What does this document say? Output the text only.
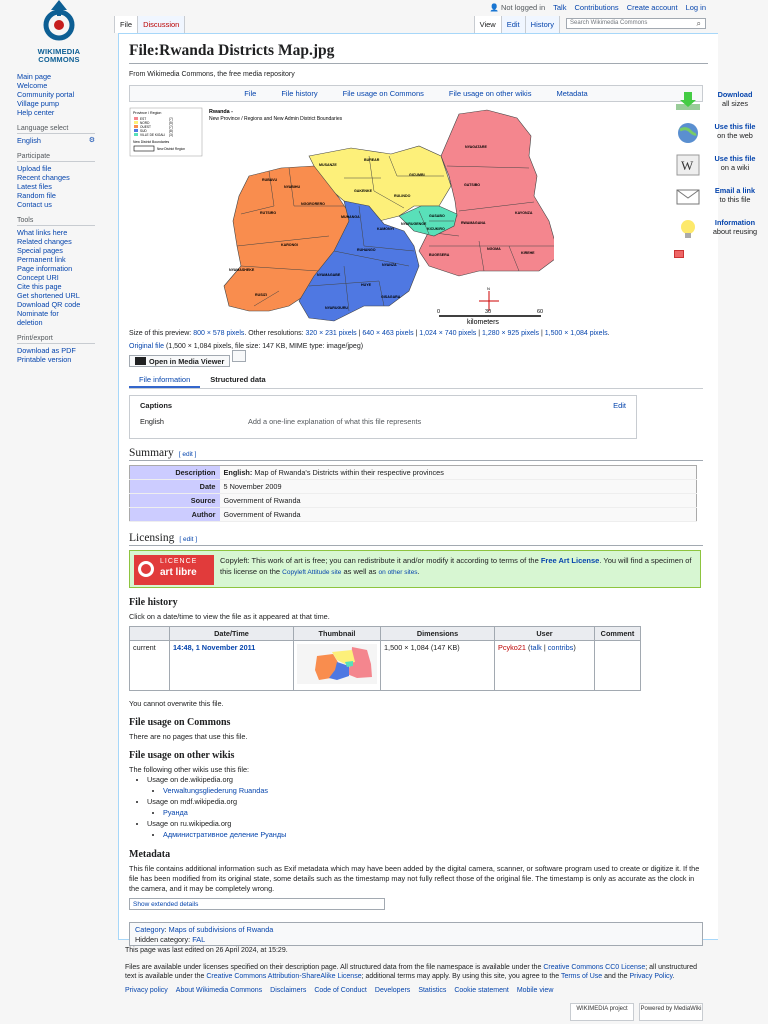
WIKIMEDIA
COMMONS
Main page
Welcome
Community portal
Village pump
Help center
Language select
English	⚙
Participate
Upload file
Recent changes
Latest files
Random file
Contact us
Tools
What links here
Related changes
Special pages
Permanent link
Page information
Concept URI
Cite this page
Get shortened URL
Download QR code
Nominate for deletion
Print/export
Download as PDF
Printable version
👤 Not logged in Talk Contributions Create account Log in
File	Discussion	View	Edit	History	Search Wikimedia Commons	⌕
File:Rwanda Districts Map.jpg
From Wikimedia Commons, the free media repository
File	File history	File usage on Commons	File usage on other wikis	Metadata
Province / Region
EST	(7)
NORD	(5)
OUEST	(7)
SUD	(8)
VILLE DE KIGALI (3)
New District Boundaries
New District Region
Rwanda -
New Province / Regions and New Admin District Boundaries
NYAGATARE
GATSIBO
KAYONZA
RWAMAGANA
NGOMA
KIREHE
BUGESERA
MUSANZE
BUREAR
GICUMBI
GAKENKE
RULINDO
RUBAVU
NYABIHU
NGORORERO
RUTSIRO
KARONGI
NYAMASHEKE
RUSIZI
MUHANGA
KAMONYI
RUHANGO
NYANZA
NYAMAGABE
HUYE
GISAGARA
NYARUGURU
GASABO
NYARUGENGE
KICUKIRO
N
0	30	60
kilometers
Size of this preview: 800 × 578 pixels. Other resolutions: 320 × 231 pixels | 640 × 463 pixels | 1,024 × 740 pixels | 1,280 × 925 pixels | 1,500 × 1,084 pixels.
Original file (1,500 × 1,084 pixels, file size: 147 KB, MIME type: image/jpeg)
Open in Media Viewer
File information	Structured data
Captions	Edit
English	Add a one-line explanation of what this file represents
Summary [ edit ]
Description	English: Map of Rwanda's Districts within their respective provinces
Date	5 November 2009
Source	Government of Rwanda
Author	Government of Rwanda
Licensing [ edit ]
LICENCE
art libre
Copyleft: This work of art is free; you can redistribute it and/or modify it according to terms of the Free Art License. You will find a specimen of this license on the Copyleft Attitude site as well as on other sites.
File history

Click on a date/time to view the file as it appeared at that time.

	Date/Time	Thumbnail	Dimensions	User	Comment
current	14:48, 1 November 2011		1,500 × 1,084 (147 KB)	Pcyko21 (talk | contribs)	

You cannot overwrite this file.

File usage on Commons

There are no pages that use this file.

File usage on other wikis

The following other wikis use this file:

• Usage on de.wikipedia.org
• Verwaltungsgliederung Ruandas
• Usage on mdf.wikipedia.org
• Руанда
• Usage on ru.wikipedia.org
• Административное деление Руанды
Metadata

This file contains additional information such as Exif metadata which may have been added by the digital camera, scanner, or software program used to create or digitize it. If the file has been modified from its original state, some details such as the timestamp may not fully reflect those of the original file. The timestamp is only as accurate as the clock in the camera, and it may be completely wrong.

Show extended details
Category: Maps of subdivisions of Rwanda
Hidden category: FAL
Download
all sizes
Use this file
on the web
W	Use this file
on a wiki
Email a link
to this file
Information
about reusing
This page was last edited on 26 April 2024, at 15:29.
Files are available under licenses specified on their description page. All structured data from the file namespace is available under the Creative Commons CC0 License; all unstructured text is available under the Creative Commons Attribution-ShareAlike License; additional terms may apply. By using this site, you agree to the Terms of Use and the Privacy Policy.
Privacy policy About Wikimedia Commons Disclaimers Code of Conduct Developers Statistics Cookie statement Mobile view
WIKIMEDIA project	Powered by MediaWiki
